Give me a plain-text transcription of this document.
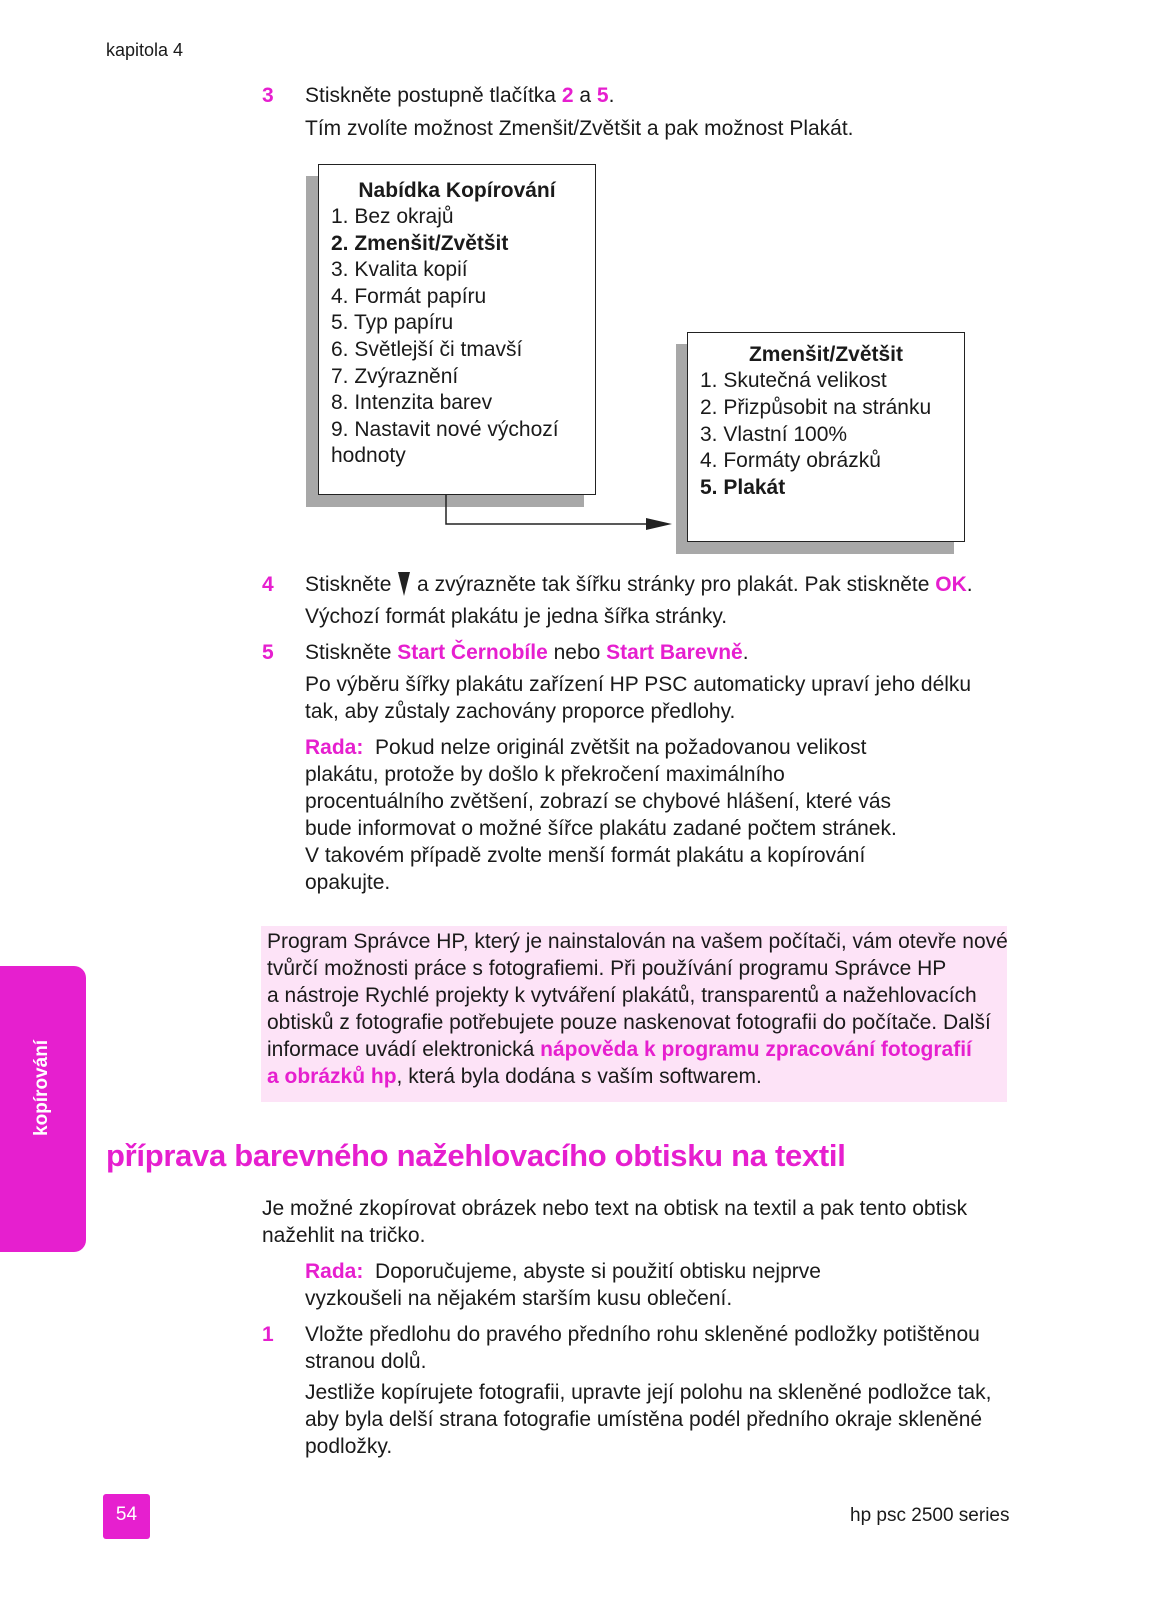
kapitola 4
3 Stiskněte postupně tlačítka 2 a 5.
Tím zvolíte možnost Zmenšit/Zvětšit a pak možnost Plakát.
Nabídka Kopírování
1. Bez okrajů
2. Zmenšit/Zvětšit
3. Kvalita kopií
4. Formát papíru
5. Typ papíru
6. Světlejší či tmavší
7. Zvýraznění
8. Intenzita barev
9. Nastavit nové výchozí
hodnoty
Zmenšit/Zvětšit
1. Skutečná velikost
2. Přizpůsobit na stránku
3. Vlastní 100%
4. Formáty obrázků
5. Plakát
4 Stiskněte  a zvýrazněte tak šířku stránky pro plakát. Pak stiskněte OK.
Výchozí formát plakátu je jedna šířka stránky.
5 Stiskněte Start Černobíle nebo Start Barevně.
Po výběru šířky plakátu zařízení HP PSC automaticky upraví jeho délku
tak, aby zůstaly zachovány proporce předlohy.
Rada: Pokud nelze originál zvětšit na požadovanou velikost
plakátu, protože by došlo k překročení maximálního
procentuálního zvětšení, zobrazí se chybové hlášení, které vás
bude informovat o možné šířce plakátu zadané počtem stránek.
V takovém případě zvolte menší formát plakátu a kopírování
opakujte.
Program Správce HP, který je nainstalován na vašem počítači, vám otevře nové
tvůrčí možnosti práce s fotografiemi. Při používání programu Správce HP
a nástroje Rychlé projekty k vytváření plakátů, transparentů a nažehlovacích
obtisků z fotografie potřebujete pouze naskenovat fotografii do počítače. Další
informace uvádí elektronická nápověda k programu zpracování fotografií
a obrázků hp, která byla dodána s vaším softwarem.
kopírování
příprava barevného nažehlovacího obtisku na textil
Je možné zkopírovat obrázek nebo text na obtisk na textil a pak tento obtisk
nažehlit na tričko.
Rada: Doporučujeme, abyste si použití obtisku nejprve
vyzkoušeli na nějakém starším kusu oblečení.
1 Vložte předlohu do pravého předního rohu skleněné podložky potištěnou
stranou dolů.
Jestliže kopírujete fotografii, upravte její polohu na skleněné podložce tak,
aby byla delší strana fotografie umístěna podél předního okraje skleněné
podložky.
54	hp psc 2500 series
